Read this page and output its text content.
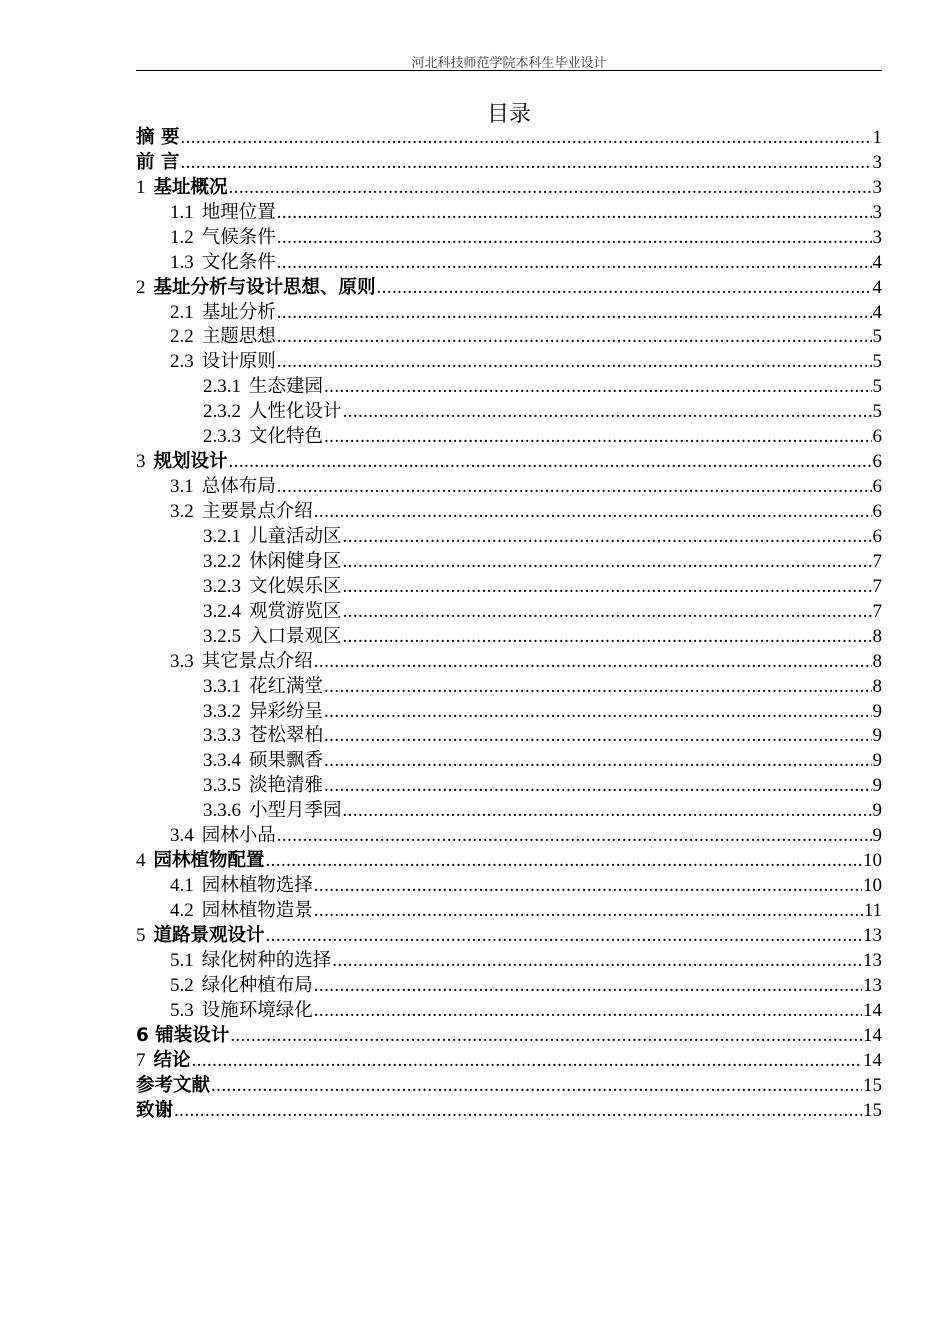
河北科技师范学院本科生毕业设计
目录
摘 要 .....	1
前 言 .....	3
1 基址概况 .....	3
1.1 地理位置 .....	3
1.2 气候条件 .....	3
1.3 文化条件 .....	4
2 基址分析与设计思想、原则 .....	4
2.1 基址分析 .....	4
2.2 主题思想 .....	5
2.3 设计原则 .....	5
2.3.1 生态建园 .....	5
2.3.2 人性化设计 .....	5
2.3.3 文化特色 .....	6
3 规划设计 .....	6
3.1 总体布局 .....	6
3.2 主要景点介绍 .....	6
3.2.1 儿童活动区 .....	6
3.2.2 休闲健身区 .....	7
3.2.3 文化娱乐区 .....	7
3.2.4 观赏游览区 .....	7
3.2.5 入口景观区 .....	8
3.3 其它景点介绍 .....	8
3.3.1 花红满堂 .....	8
3.3.2 异彩纷呈 .....	9
3.3.3 苍松翠柏 .....	9
3.3.4 硕果飘香 .....	9
3.3.5 淡艳清雅 .....	9
3.3.6 小型月季园 .....	9
3.4 园林小品 .....	9
4 园林植物配置 .....	10
4.1 园林植物选择 .....	10
4.2 园林植物造景 .....	11
5 道路景观设计 .....	13
5.1 绿化树种的选择 .....	13
5.2 绿化种植布局 .....	13
5.3 设施环境绿化 .....	14
6 铺装设计 .....	14
7 结论 .....	14
参考文献 .....	15
致谢 .....	15
